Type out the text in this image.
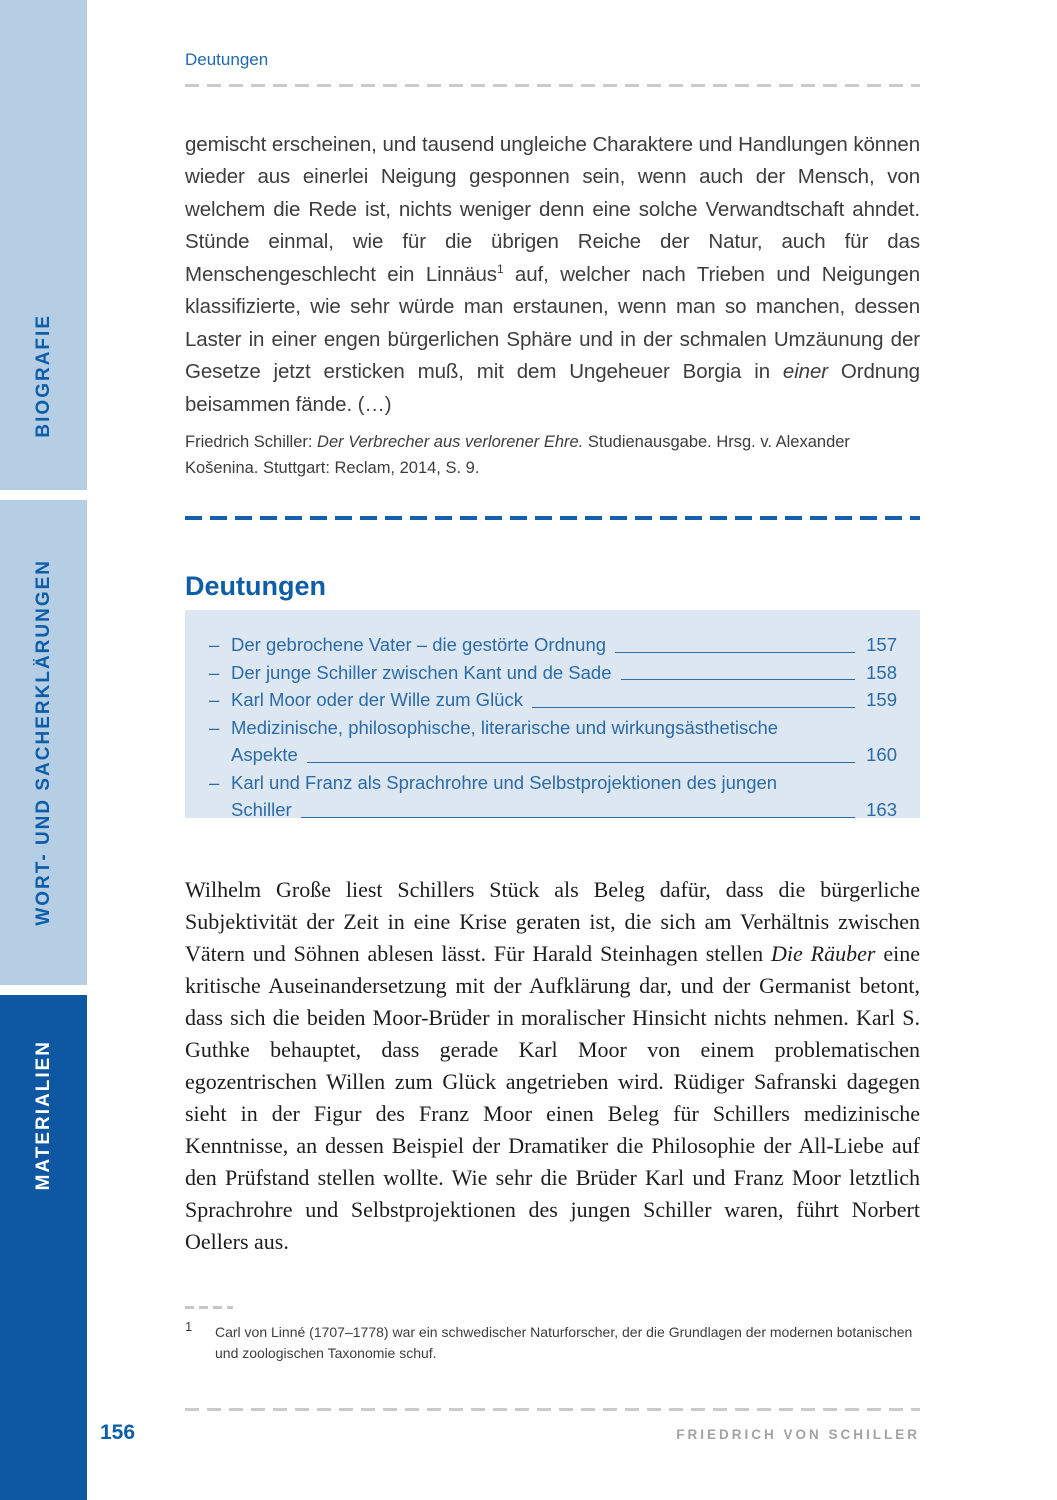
BIOGRAFIE
WORT- UND SACHERKLÄRUNGEN
MATERIALIEN
Deutungen

gemischt erscheinen, und tausend ungleiche Charaktere und Handlungen können wieder aus einerlei Neigung gesponnen sein, wenn auch der Mensch, von welchem die Rede ist, nichts weniger denn eine solche Verwandtschaft ahndet. Stünde einmal, wie für die übrigen Reiche der Natur, auch für das Menschengeschlecht ein Linnäus$^1$ auf, welcher nach Trieben und Neigungen klassifizierte, wie sehr würde man erstaunen, wenn man so manchen, dessen Laster in einer engen bürgerlichen Sphäre und in der schmalen Umzäunung der Gesetze jetzt ersticken muß, mit dem Ungeheuer Borgia in einer Ordnung beisammen fände. (…)

Friedrich Schiller: Der Verbrecher aus verlorener Ehre. Studienausgabe. Hrsg. v. Alexander Košenina. Stuttgart: Reclam, 2014, S. 9.

Deutungen
– Der gebrochene Vater – die gestörte Ordnung	157
– Der junge Schiller zwischen Kant und de Sade	158
– Karl Moor oder der Wille zum Glück	159
– Medizinische, philosophische, literarische und wirkungsästhetische
Aspekte	160
– Karl und Franz als Sprachrohre und Selbstprojektionen des jungen
Schiller	163

Wilhelm Große liest Schillers Stück als Beleg dafür, dass die bürgerliche Subjektivität der Zeit in eine Krise geraten ist, die sich am Verhältnis zwischen Vätern und Söhnen ablesen lässt. Für Harald Steinhagen stellen Die Räuber eine kritische Auseinandersetzung mit der Aufklärung dar, und der Germanist betont, dass sich die beiden Moor-Brüder in moralischer Hinsicht nichts nehmen. Karl S. Guthke behauptet, dass gerade Karl Moor von einem problematischen egozentrischen Willen zum Glück angetrieben wird. Rüdiger Safranski dagegen sieht in der Figur des Franz Moor einen Beleg für Schillers medizinische Kenntnisse, an dessen Beispiel der Dramatiker die Philosophie der All-Liebe auf den Prüfstand stellen wollte. Wie sehr die Brüder Karl und Franz Moor letztlich Sprachrohre und Selbstprojektionen des jungen Schiller waren, führt Norbert Oellers aus.

1	Carl von Linné (1707–1778) war ein schwedischer Naturforscher, der die Grundlagen der modernen botanischen und zoologischen Taxonomie schuf.
156	FRIEDRICH VON SCHILLER
